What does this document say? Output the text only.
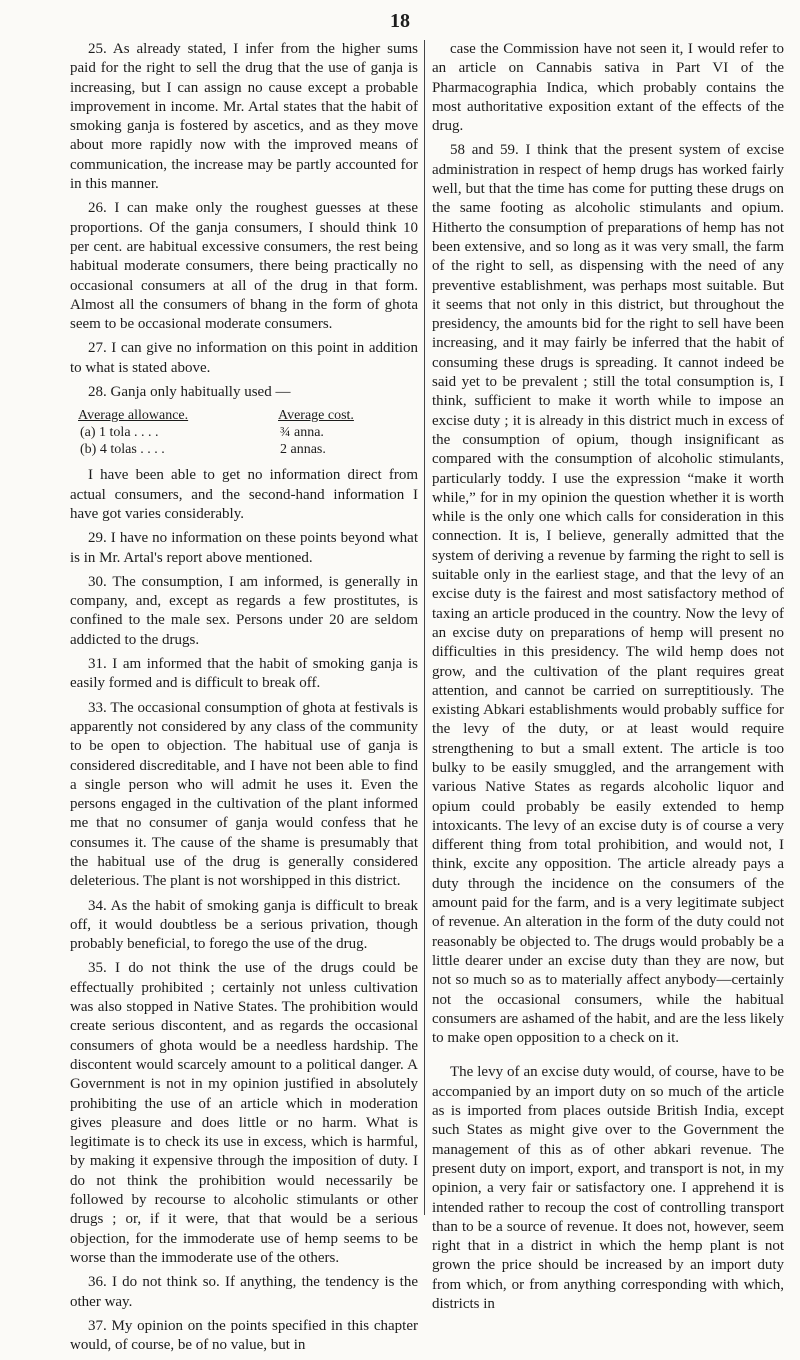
18

25. As already stated, I infer from the higher sums paid for the right to sell the drug that the use of ganja is increasing, but I can assign no cause except a probable improvement in income. Mr. Artal states that the habit of smoking ganja is fostered by ascetics, and as they move about more rapidly now with the improved means of communication, the increase may be partly accounted for in this manner.

26. I can make only the roughest guesses at these proportions. Of the ganja consumers, I should think 10 per cent. are habitual excessive consumers, the rest being habitual moderate consumers, there being practically no occasional consumers at all of the drug in that form. Almost all the consumers of bhang in the form of ghota seem to be occasional moderate consumers.

27. I can give no information on this point in addition to what is stated above.

28. Ganja only habitually used —

Average allowance.	Average cost.
(a) 1 tola . . . .	¾ anna.
(b) 4 tolas . . . .	2 annas.

I have been able to get no information direct from actual consumers, and the second-hand information I have got varies considerably.

29. I have no information on these points beyond what is in Mr. Artal's report above mentioned.

30. The consumption, I am informed, is generally in company, and, except as regards a few prostitutes, is confined to the male sex. Persons under 20 are seldom addicted to the drugs.

31. I am informed that the habit of smoking ganja is easily formed and is difficult to break off.

33. The occasional consumption of ghota at festivals is apparently not considered by any class of the community to be open to objection. The habitual use of ganja is considered discreditable, and I have not been able to find a single person who will admit he uses it. Even the persons engaged in the cultivation of the plant informed me that no consumer of ganja would confess that he consumes it. The cause of the shame is presumably that the habitual use of the drug is generally considered deleterious. The plant is not worshipped in this district.

34. As the habit of smoking ganja is difficult to break off, it would doubtless be a serious privation, though probably beneficial, to forego the use of the drug.

35. I do not think the use of the drugs could be effectually prohibited ; certainly not unless cultivation was also stopped in Native States. The prohibition would create serious discontent, and as regards the occasional consumers of ghota would be a needless hardship. The discontent would scarcely amount to a political danger. A Government is not in my opinion justified in absolutely prohibiting the use of an article which in moderation gives pleasure and does little or no harm. What is legitimate is to check its use in excess, which is harmful, by making it expensive through the imposition of duty. I do not think the prohibition would necessarily be followed by recourse to alcoholic stimulants or other drugs ; or, if it were, that that would be a serious objection, for the immoderate use of hemp seems to be worse than the immoderate use of the others.

36. I do not think so. If anything, the tendency is the other way.

37. My opinion on the points specified in this chapter would, of course, be of no value, but in

case the Commission have not seen it, I would refer to an article on Cannabis sativa in Part VI of the Pharmacographia Indica, which probably contains the most authoritative exposition extant of the effects of the drug.

58 and 59. I think that the present system of excise administration in respect of hemp drugs has worked fairly well, but that the time has come for putting these drugs on the same footing as alcoholic stimulants and opium. Hitherto the consumption of preparations of hemp has not been extensive, and so long as it was very small, the farm of the right to sell, as dispensing with the need of any preventive establishment, was perhaps most suitable. But it seems that not only in this district, but throughout the presidency, the amounts bid for the right to sell have been increasing, and it may fairly be inferred that the habit of consuming these drugs is spreading. It cannot indeed be said yet to be prevalent ; still the total consumption is, I think, sufficient to make it worth while to impose an excise duty ; it is already in this district much in excess of the consumption of opium, though insignificant as compared with the consumption of alcoholic stimulants, particularly toddy. I use the expression “make it worth while,” for in my opinion the question whether it is worth while is the only one which calls for consideration in this connection. It is, I believe, generally admitted that the system of deriving a revenue by farming the right to sell is suitable only in the earliest stage, and that the levy of an excise duty is the fairest and most satisfactory method of taxing an article produced in the country. Now the levy of an excise duty on preparations of hemp will present no difficulties in this presidency. The wild hemp does not grow, and the cultivation of the plant requires great attention, and cannot be carried on surreptitiously. The existing Abkari establishments would probably suffice for the levy of the duty, or at least would require strengthening to but a small extent. The article is too bulky to be easily smuggled, and the arrangement with various Native States as regards alcoholic liquor and opium could probably be easily extended to hemp intoxicants. The levy of an excise duty is of course a very different thing from total prohibition, and would not, I think, excite any opposition. The article already pays a duty through the incidence on the consumers of the amount paid for the farm, and is a very legitimate subject of revenue. An alteration in the form of the duty could not reasonably be objected to. The drugs would probably be a little dearer under an excise duty than they are now, but not so much so as to materially affect anybody—certainly not the occasional consumers, while the habitual consumers are ashamed of the habit, and are the less likely to make open opposition to a check on it.

The levy of an excise duty would, of course, have to be accompanied by an import duty on so much of the article as is imported from places outside British India, except such States as might give over to the Government the management of this as of other abkari revenue. The present duty on import, export, and transport is not, in my opinion, a very fair or satisfactory one. I apprehend it is intended rather to recoup the cost of controlling transport than to be a source of revenue. It does not, however, seem right that in a district in which the hemp plant is not grown the price should be increased by an import duty from which, or from anything corresponding with which, districts in
